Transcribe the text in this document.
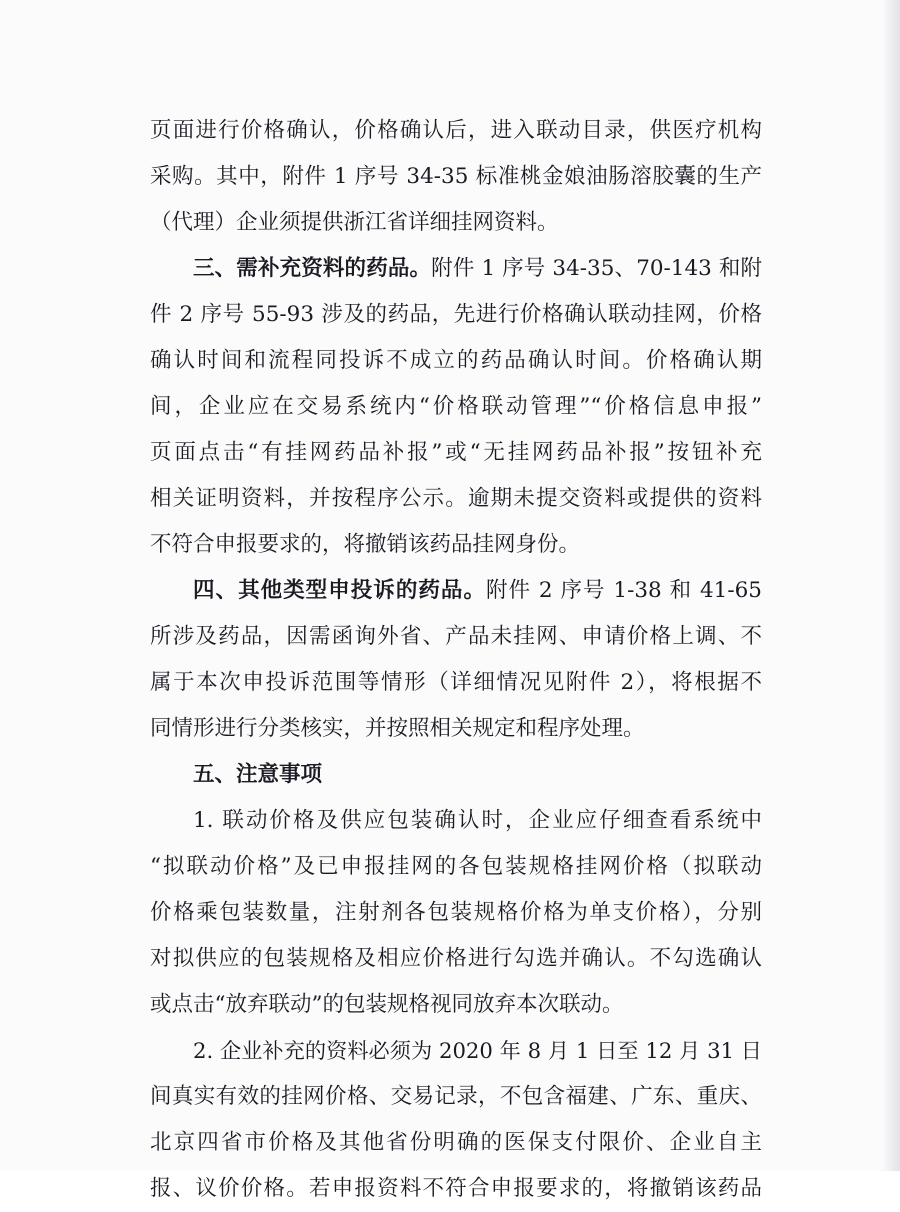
页面进行价格确认，价格确认后，进入联动目录，供医疗机构
采购。其中，附件 1 序号 34-35 标准桃金娘油肠溶胶囊的生产
（代理）企业须提供浙江省详细挂网资料。
三、需补充资料的药品。附件 1 序号 34-35、70-143 和附
件 2 序号 55-93 涉及的药品，先进行价格确认联动挂网，价格
确认时间和流程同投诉不成立的药品确认时间。价格确认期
间，企业应在交易系统内“价格联动管理”“价格信息申报”
页面点击“有挂网药品补报”或“无挂网药品补报”按钮补充
相关证明资料，并按程序公示。逾期未提交资料或提供的资料
不符合申报要求的，将撤销该药品挂网身份。
四、其他类型申投诉的药品。附件 2 序号 1-38 和 41-65
所涉及药品，因需函询外省、产品未挂网、申请价格上调、不
属于本次申投诉范围等情形（详细情况见附件 2），将根据不
同情形进行分类核实，并按照相关规定和程序处理。
五、注意事项
1. 联动价格及供应包装确认时，企业应仔细查看系统中
“拟联动价格”及已申报挂网的各包装规格挂网价格（拟联动
价格乘包装数量，注射剂各包装规格价格为单支价格），分别
对拟供应的包装规格及相应价格进行勾选并确认。不勾选确认
或点击“放弃联动”的包装规格视同放弃本次联动。
2. 企业补充的资料必须为 2020 年 8 月 1 日至 12 月 31 日
间真实有效的挂网价格、交易记录，不包含福建、广东、重庆、
北京四省市价格及其他省份明确的医保支付限价、企业自主
报、议价价格。若申报资料不符合申报要求的，将撤销该药品
